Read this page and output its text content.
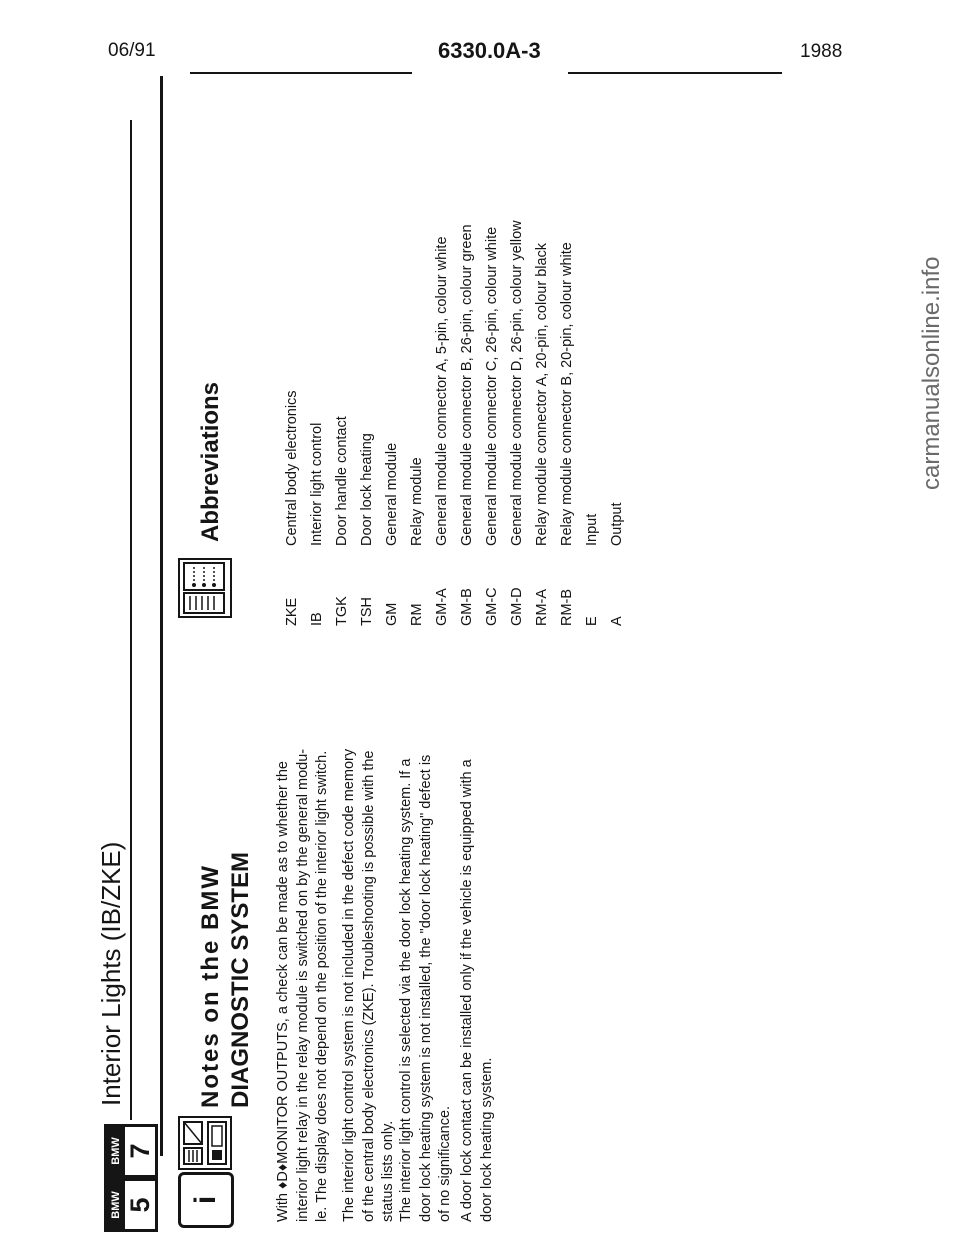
06/91	6330.0A-3	1988
BMW 5
BMW 7
Interior Lights (IB/ZKE)
i
Notes on the BMW DIAGNOSTIC SYSTEM With ♦D♦MONITOR OUTPUTS, a check can be made as to whether the interior light relay in the relay module is switched on by the general modu- le. The display does not depend on the position of the interior light switch. The interior light control system is not included in the defect code memory of the central body electronics (ZKE). Troubleshooting is possible with the status lists only. The interior light control is selected via the door lock heating system. If a door lock heating system is not installed, the "door lock heating" defect is of no significance. A door lock contact can be installed only if the vehicle is equipped with a door lock heating system.
Abbreviations
ZKECentral body electronics
IBInterior light control
TGKDoor handle contact
TSHDoor lock heating
GMGeneral module
RMRelay module
GM-AGeneral module connector A, 5-pin, colour white
GM-BGeneral module connector B, 26-pin, colour green
GM-CGeneral module connector C, 26-pin, colour white
GM-DGeneral module connector D, 26-pin, colour yellow
RM-ARelay module connector A, 20-pin, colour black
RM-BRelay module connector B, 20-pin, colour white
EInput
AOutput
carmanualsonline.info
